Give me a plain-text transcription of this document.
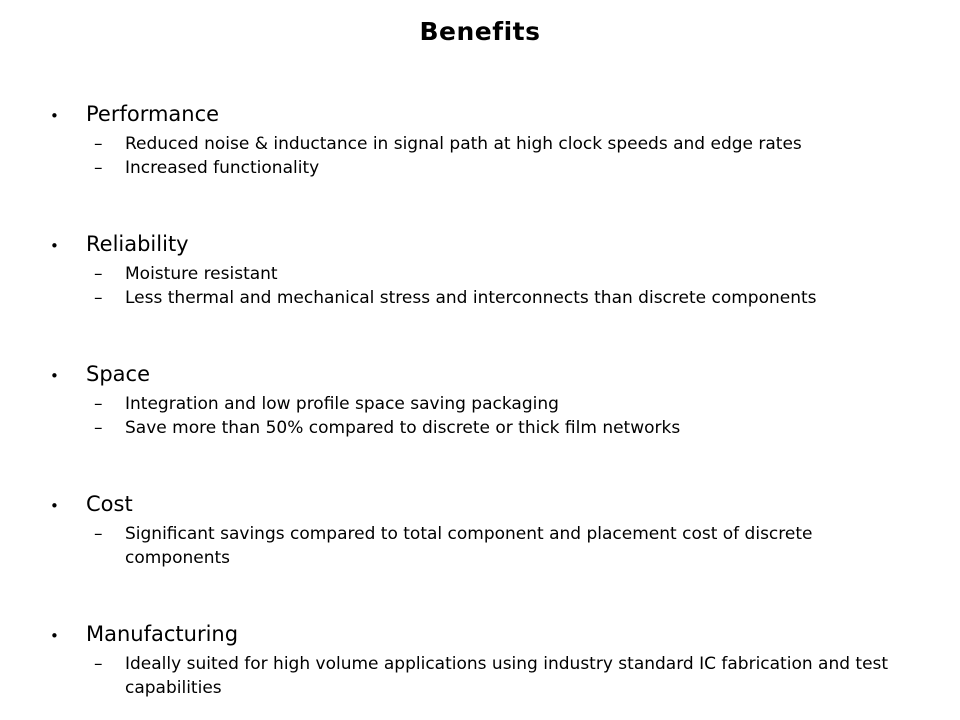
Benefits
•	Performance
–	Reduced noise & inductance in signal path at high clock speeds and edge rates
–	Increased functionality
•	Reliability
–	Moisture resistant
–	Less thermal and mechanical stress and interconnects than discrete components
•	Space
–	Integration and low profile space saving packaging
–	Save more than 50% compared to discrete or thick film networks
•	Cost
–	Significant savings compared to total component and placement cost of discrete components
•	Manufacturing
–	Ideally suited for high volume applications using industry standard IC fabrication and test capabilities
